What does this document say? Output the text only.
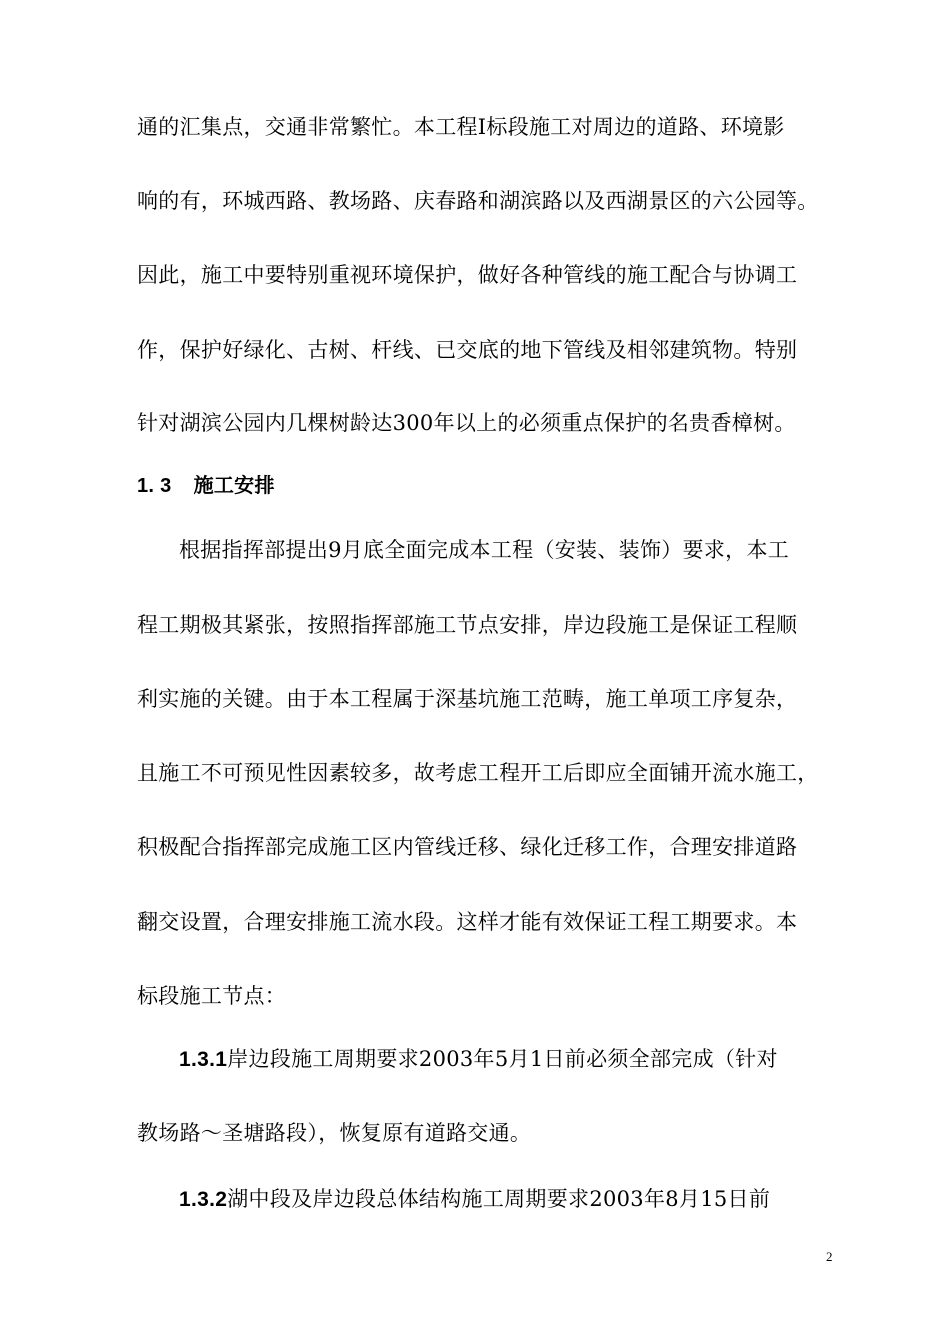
通的汇集点，交通非常繁忙。本工程Ⅰ标段施工对周边的道路、环境影
响的有，环城西路、教场路、庆春路和湖滨路以及西湖景区的六公园等。
因此，施工中要特别重视环境保护，做好各种管线的施工配合与协调工
作，保护好绿化、古树、杆线、已交底的地下管线及相邻建筑物。特别
针对湖滨公园内几棵树龄达300年以上的必须重点保护的名贵香樟树。
1. 3 施工安排
根据指挥部提出9月底全面完成本工程（安装、装饰）要求，本工
程工期极其紧张，按照指挥部施工节点安排，岸边段施工是保证工程顺
利实施的关键。由于本工程属于深基坑施工范畴，施工单项工序复杂，
且施工不可预见性因素较多，故考虑工程开工后即应全面铺开流水施工，
积极配合指挥部完成施工区内管线迁移、绿化迁移工作，合理安排道路
翻交设置，合理安排施工流水段。这样才能有效保证工程工期要求。本
标段施工节点：
1.3.1岸边段施工周期要求2003年5月1日前必须全部完成（针对
教场路～圣塘路段），恢复原有道路交通。
1.3.2湖中段及岸边段总体结构施工周期要求2003年8月15日前
2
